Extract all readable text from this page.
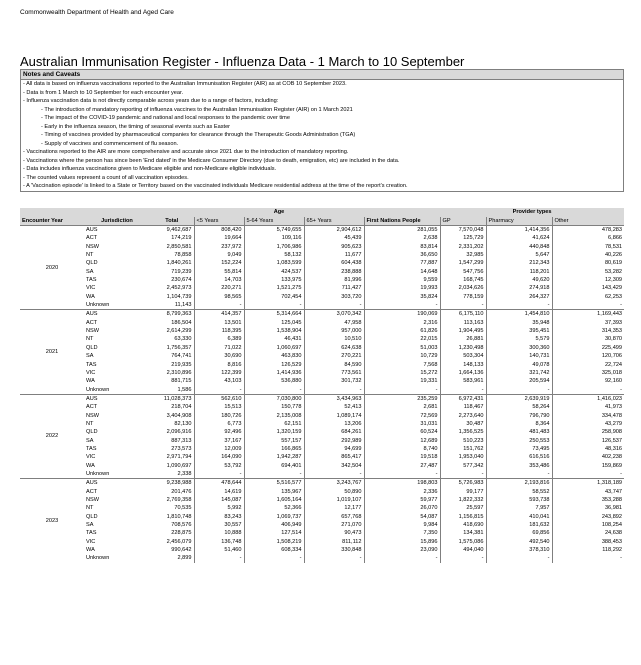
Commonwealth Department of Health and Aged Care
Australian Immunisation Register - Influenza Data - 1 March to 10 September
Notes and Caveats
- All data is based on influenza vaccinations reported to the Australian Immunisation Register (AIR) as at COB 10 September 2023.
- Data is from 1 March to 10 September for each encounter year.
- Influenza vaccination data is not directly comparable across years due to a range of factors, including:
- The introduction of mandatory reporting of influenza vaccines to the Australian Immunisation Register (AIR) on 1 March 2021
- The impact of the COVID-19 pandemic and national and local responses to the pandemic over time
- Early in the influenza season, the timing of seasonal events such as Easter
- Timing of vaccines provided by pharmaceutical companies for clearance through the Therapeutic Goods Administration (TGA)
- Supply of vaccines and commencement of flu season.
- Vaccinations reported to the AIR are more comprehensive and accurate since 2021 due to the introduction of mandatory reporting.
- Vaccinations where the person has since been 'End dated' in the Medicare Consumer Directory (due to death, emigration, etc) are included in the data.
- Data includes influenza vaccinations given to Medicare eligible and non-Medicare eligible individuals.
- The counted values represent a count of all vaccination episodes.
- A 'Vaccination episode' is linked to a State or Territory based on the vaccinated individuals Medicare residential address at the time of the report's creation.
			Age				Provider types		
Encounter Year	Jurisdiction	Total	<5 Years	5-64 Years	65+ Years	First Nations People	GP	Pharmacy	Other
2020	AUS	9,462,687	808,420	5,749,655	2,904,612	281,055	7,570,048	1,414,356	478,283
	ACT	174,219	19,664	109,116	45,439	2,638	125,729	41,624	6,866
	NSW	2,850,581	237,972	1,706,986	905,623	83,814	2,331,202	440,848	78,531
	NT	78,858	9,049	58,132	11,677	36,650	32,985	5,647	40,226
	QLD	1,840,261	152,224	1,083,599	604,438	77,887	1,547,299	212,343	80,619
	SA	719,239	55,814	424,537	238,888	14,648	547,756	118,201	53,282
	TAS	230,674	14,703	133,975	81,996	9,559	168,745	49,620	12,309
	VIC	2,452,973	220,271	1,521,275	711,427	19,993	2,034,626	274,918	143,429
	WA	1,104,739	98,565	702,454	303,720	35,824	778,159	264,327	62,253
	Unknown	11,143	-	-	-	-	-	-	-
2021	AUS	8,799,363	414,357	5,314,664	3,070,342	190,069	6,175,110	1,454,810	1,169,443
	ACT	186,504	13,501	125,045	47,958	2,316	113,163	35,948	37,393
	NSW	2,614,299	118,395	1,538,904	957,000	61,826	1,904,495	395,451	314,353
	NT	63,330	6,389	46,431	10,510	22,015	26,881	5,579	30,870
	QLD	1,756,357	71,022	1,060,697	624,638	51,003	1,230,498	300,360	225,499
	SA	764,741	30,690	463,830	270,221	10,729	503,304	140,731	120,706
	TAS	219,935	8,816	126,529	84,590	7,568	148,133	49,078	22,724
	VIC	2,310,896	122,399	1,414,936	773,561	15,272	1,664,136	321,742	325,018
	WA	881,715	43,103	536,880	301,732	19,331	583,961	205,594	92,160
	Unknown	1,586	-	-	-	-	-	-	-
2022	AUS	11,028,373	562,610	7,030,800	3,434,963	235,259	6,972,431	2,639,919	1,416,023
	ACT	218,704	15,513	150,778	52,413	2,681	118,467	58,264	41,973
	NSW	3,404,908	180,726	2,135,008	1,089,174	72,569	2,273,640	796,790	334,478
	NT	82,130	6,773	62,151	13,206	31,031	30,487	8,364	43,279
	QLD	2,096,916	92,496	1,320,159	684,261	60,524	1,356,525	481,483	258,908
	SA	887,313	37,167	557,157	292,989	12,689	510,223	250,553	126,537
	TAS	273,573	12,009	166,865	94,699	8,740	151,762	73,495	48,316
	VIC	2,971,794	164,090	1,942,287	865,417	19,518	1,953,040	616,516	402,238
	WA	1,090,697	53,792	694,401	342,504	27,487	577,342	353,486	159,869
	Unknown	2,338	-	-	-	-	-	-	-
2023	AUS	9,238,988	478,644	5,516,577	3,243,767	198,803	5,726,983	2,193,816	1,318,189
	ACT	201,476	14,619	135,967	50,890	2,336	99,177	58,552	43,747
	NSW	2,769,358	145,087	1,605,164	1,019,107	59,977	1,822,332	593,738	353,288
	NT	70,535	5,992	52,366	12,177	26,070	25,597	7,957	36,981
	QLD	1,810,748	83,243	1,069,737	657,768	54,087	1,156,815	410,041	243,892
	SA	708,576	30,557	406,949	271,070	9,984	418,690	181,632	108,254
	TAS	228,875	10,888	127,514	90,473	7,350	134,381	69,856	24,638
	VIC	2,456,079	136,748	1,508,219	811,112	15,896	1,575,086	492,540	388,453
	WA	990,642	51,460	608,334	330,848	23,090	494,040	378,310	118,292
	Unknown	2,899	-	-	-	-	-	-	-
